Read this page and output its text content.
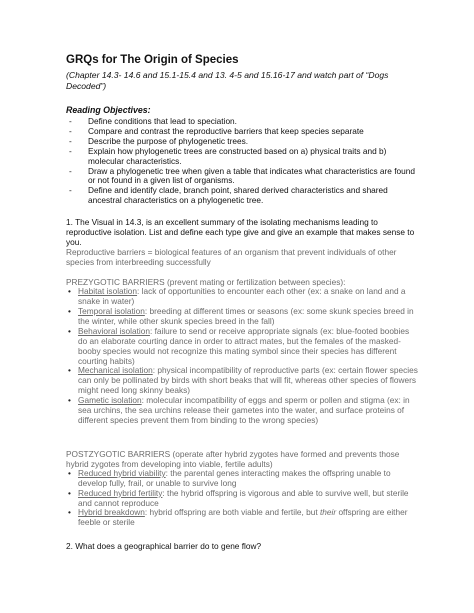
GRQs for The Origin of Species

(Chapter 14.3- 14.6 and 15.1-15.4 and 13. 4-5 and 15.16-17 and watch part of “Dogs Decoded”)

Reading Objectives:

- Define conditions that lead to speciation.
- Compare and contrast the reproductive barriers that keep species separate
- Describe the purpose of phylogenetic trees.
- Explain how phylogenetic trees are constructed based on a) physical traits and b) molecular characteristics.
- Draw a phylogenetic tree when given a table that indicates what characteristics are found or not found in a given list of organisms.
- Define and identify clade, branch point, shared derived characteristics and shared ancestral characteristics on a phylogenetic tree.

1. The Visual in 14.3, is an excellent summary of the isolating mechanisms leading to reproductive isolation. List and define each type give and give an example that makes sense to you.

Reproductive barriers = biological features of an organism that prevent individuals of other species from interbreeding successfully

PREZYGOTIC BARRIERS (prevent mating or fertilization between species):

• Habitat isolation: lack of opportunities to encounter each other (ex: a snake on land and a snake in water)
• Temporal isolation: breeding at different times or seasons (ex: some skunk species breed in the winter, while other skunk species breed in the fall)
• Behavioral isolation: failure to send or receive appropriate signals (ex: blue-footed boobies do an elaborate courting dance in order to attract mates, but the females of the masked-booby species would not recognize this mating symbol since their species has different courting habits)
• Mechanical isolation: physical incompatibility of reproductive parts (ex: certain flower species can only be pollinated by birds with short beaks that will fit, whereas other species of flowers might need long skinny beaks)
• Gametic isolation: molecular incompatibility of eggs and sperm or pollen and stigma (ex: in sea urchins, the sea urchins release their gametes into the water, and surface proteins of different species prevent them from binding to the wrong species)

POSTZYGOTIC BARRIERS (operate after hybrid zygotes have formed and prevents those hybrid zygotes from developing into viable, fertile adults)

• Reduced hybrid viability: the parental genes interacting makes the offspring unable to develop fully, frail, or unable to survive long
• Reduced hybrid fertility: the hybrid offspring is vigorous and able to survive well, but sterile and cannot reproduce
• Hybrid breakdown: hybrid offspring are both viable and fertile, but their offspring are either feeble or sterile

2. What does a geographical barrier do to gene flow?
